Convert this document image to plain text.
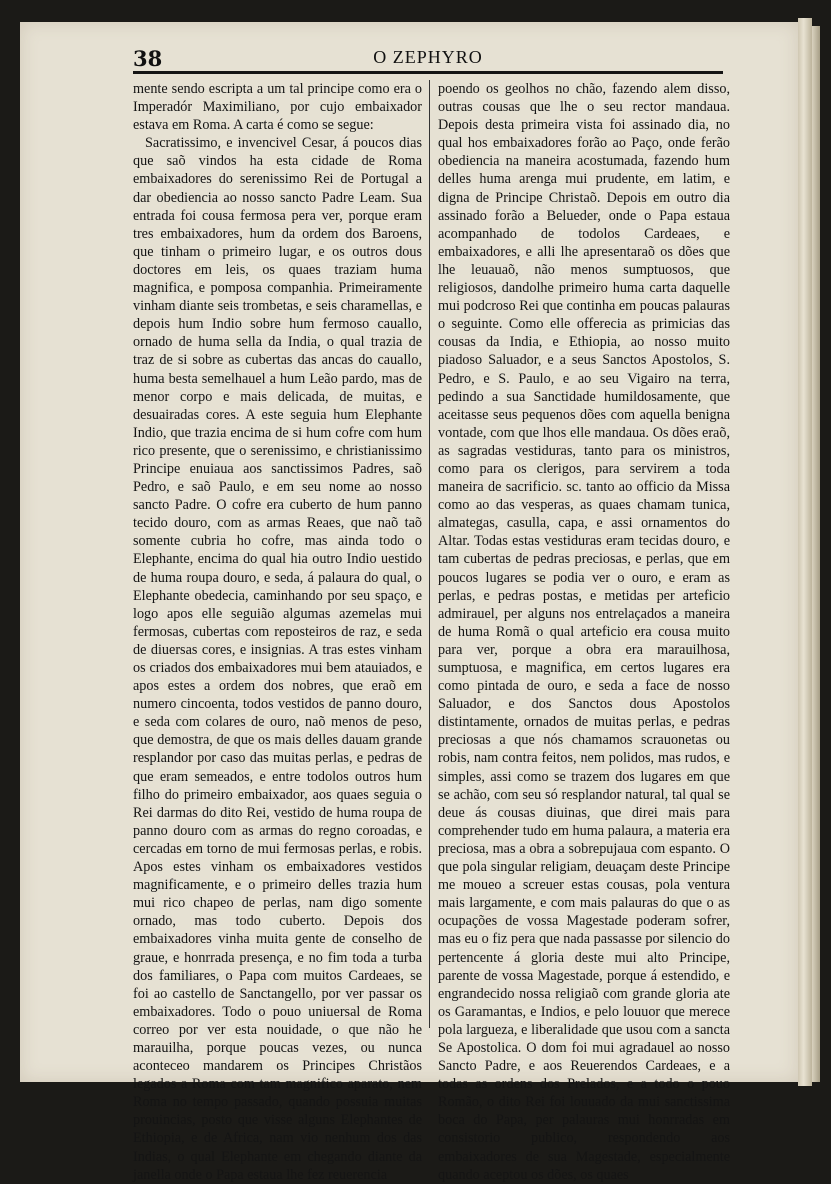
38	O ZEPHYRO

mente sendo escripta a um tal principe como era o Imperadór Maximiliano, por cujo embaixador estava em Roma. A carta é como se segue:

Sacratissimo, e invencivel Cesar, á poucos dias que saõ vindos ha esta cidade de Roma embaixadores do serenissimo Rei de Portugal a dar obediencia ao nosso sancto Padre Leam. Sua entrada foi cousa fermosa pera ver, porque eram tres embaixadores, hum da ordem dos Baroens, que tinham o primeiro lugar, e os outros dous doctores em leis, os quaes traziam huma magnifica, e pomposa companhia. Primeiramente vinham diante seis trombetas, e seis charamellas, e depois hum Indio sobre hum fermoso cauallo, ornado de huma sella da India, o qual trazia de traz de si sobre as cubertas das ancas do cauallo, huma besta semelhauel a hum Leão pardo, mas de menor corpo e mais delicada, de muitas, e desuairadas cores. A este seguia hum Elephante Indio, que trazia encima de si hum cofre com hum rico presente, que o serenissimo, e christianissimo Principe enuiaua aos sanctissimos Padres, saõ Pedro, e saõ Paulo, e em seu nome ao nosso sancto Padre. O cofre era cuberto de hum panno tecido douro, com as armas Reaes, que naõ taõ somente cubria ho cofre, mas ainda todo o Elephante, encima do qual hia outro Indio uestido de huma roupa douro, e seda, á palaura do qual, o Elephante obedecia, caminhando por seu spaço, e logo apos elle seguião algumas azemelas mui fermosas, cubertas com reposteiros de raz, e seda de diuersas cores, e insignias. A tras estes vinham os criados dos embaixadores mui bem atauiados, e apos estes a ordem dos nobres, que eraõ em numero cincoenta, todos vestidos de panno douro, e seda com colares de ouro, naõ menos de peso, que demostra, de que os mais delles dauam grande resplandor por caso das muitas perlas, e pedras de que eram semeados, e entre todolos outros hum filho do primeiro embaixador, aos quaes seguia o Rei darmas do dito Rei, vestido de huma roupa de panno douro com as armas do regno coroadas, e cercadas em torno de mui fermosas perlas, e robis. Apos estes vinham os embaixadores vestidos magnificamente, e o primeiro delles trazia hum mui rico chapeo de perlas, nam digo somente ornado, mas todo cuberto. Depois dos embaixadores vinha muita gente de conselho de graue, e honrrada presença, e no fim toda a turba dos familiares, o Papa com muitos Cardeaes, se foi ao castello de Sanctangello, por ver passar os embaixadores. Todo o pouo uniuersal de Roma correo por ver esta nouidade, o que não he marauilha, porque poucas vezes, ou nunca aconteceo mandarem os Principes Christãos legados a Roma com tam magnifico aparato, nem Roma no tempo passado, quando possuia muitas prouincias, posto que visse alguns Elephantes de Ethiopia, e de Africa, nam vio nenhum dos das Indias, o qual Elephante em chegando diante da janella onde o Papa estaua lhe fez reuerencia

poendo os geolhos no chão, fazendo alem disso, outras cousas que lhe o seu rector mandaua. Depois desta primeira vista foi assinado dia, no qual hos embaixadores forão ao Paço, onde ferão obediencia na maneira acostumada, fazendo hum delles huma arenga mui prudente, em latim, e digna de Principe Christaõ. Depois em outro dia assinado forão a Belueder, onde o Papa estaua acompanhado de todolos Cardeaes, e embaixadores, e alli lhe apresentaraõ os dões que lhe leuauaõ, não menos sumptuosos, que religiosos, dandolhe primeiro huma carta daquelle mui podcroso Rei que continha em poucas palauras o seguinte. Como elle offerecia as primicias das cousas da India, e Ethiopia, ao nosso muito piadoso Saluador, e a seus Sanctos Apostolos, S. Pedro, e S. Paulo, e ao seu Vigairo na terra, pedindo a sua Sanctidade humildosamente, que aceitasse seus pequenos dões com aquella benigna vontade, com que lhos elle mandaua. Os dões eraõ, as sagradas vestiduras, tanto para os ministros, como para os clerigos, para servirem a toda maneira de sacrificio. sc. tanto ao officio da Missa como ao das vesperas, as quaes chamam tunica, almategas, casulla, capa, e assi ornamentos do Altar. Todas estas vestiduras eram tecidas douro, e tam cubertas de pedras preciosas, e perlas, que em poucos lugares se podia ver o ouro, e eram as perlas, e pedras postas, e metidas per arteficio admirauel, per alguns nos entrelaçados a maneira de huma Romã o qual arteficio era cousa muito para ver, porque a obra era marauilhosa, sumptuosa, e magnifica, em certos lugares era como pintada de ouro, e seda a face de nosso Saluador, e dos Sanctos dous Apostolos distintamente, ornados de muitas perlas, e pedras preciosas a que nós chamamos scrauonetas ou robis, nam contra feitos, nem polidos, mas rudos, e simples, assi como se trazem dos lugares em que se achão, com seu só resplandor natural, tal qual se deue ás cousas diuinas, que direi mais para comprehender tudo em huma palaura, a materia era preciosa, mas a obra a sobrepujaua com espanto. O que pola singular religiam, deuaçam deste Principe me moueo a screuer estas cousas, pola ventura mais largamente, e com mais palauras do que o as ocupações de vossa Magestade poderam sofrer, mas eu o fiz pera que nada passasse por silencio do pertencente á gloria deste mui alto Principe, parente de vossa Magestade, porque á estendido, e engrandecido nossa religiaõ com grande gloria ate os Garamantas, e Indios, e pelo louuor que merece pola largueza, e liberalidade que usou com a sancta Se Apostolica. O dom foi mui agradauel ao nosso Sancto Padre, e aos Reuerendos Cardeaes, e a todas as ordens dos Prelados, e a todo o pouo Romão, o dito Rei foi louuado da mui sanctissima boca do Papa, per palauras mui honrradas em consistorio publico, respondendo aos embaixadores de sua Magestade, especialmente quando aceptou os dões, os quaes
